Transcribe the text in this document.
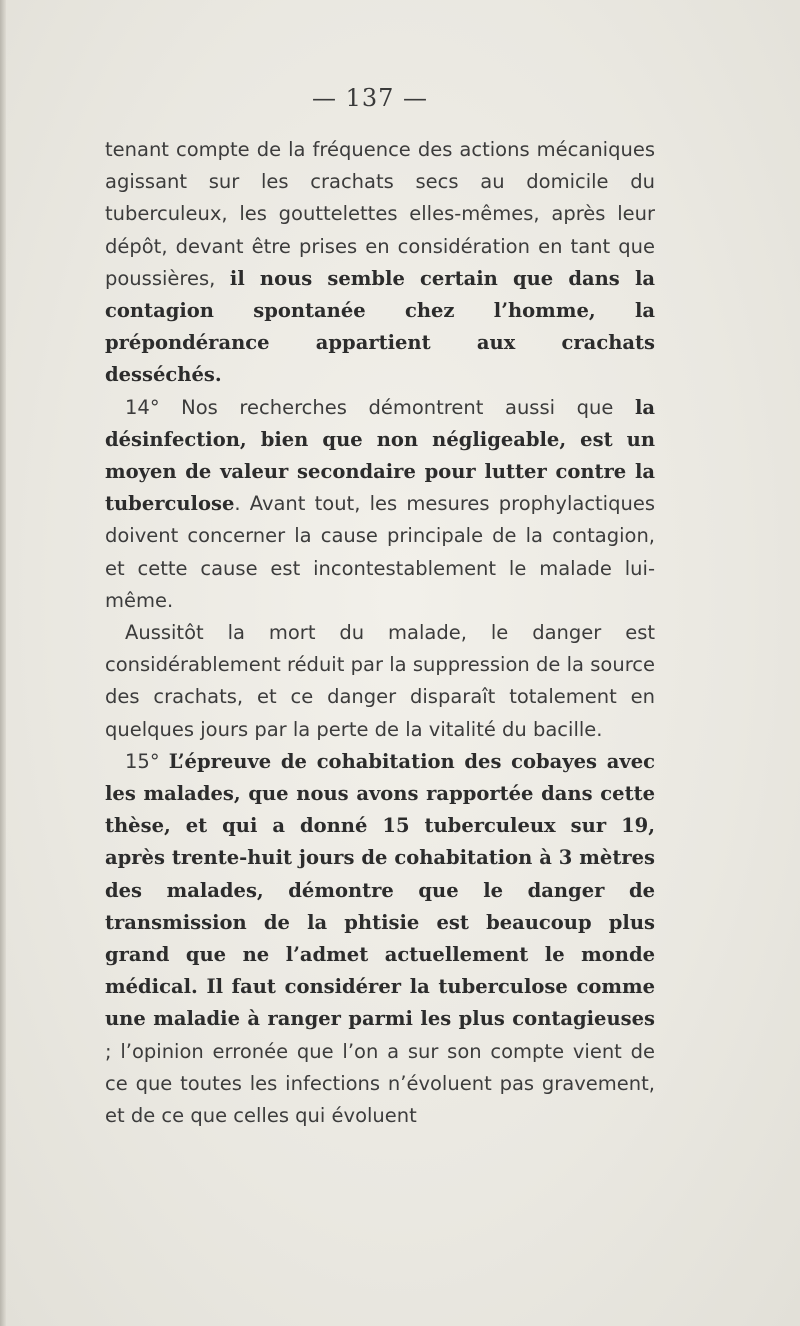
— 137 —

tenant compte de la fréquence des actions mécaniques agissant sur les crachats secs au domicile du tuberculeux, les gouttelettes elles-mêmes, après leur dépôt, devant être prises en considération en tant que poussières, il nous semble certain que dans la contagion spontanée chez l’homme, la prépondérance appartient aux crachats desséchés.

14° Nos recherches démontrent aussi que la désinfection, bien que non négligeable, est un moyen de valeur secondaire pour lutter contre la tuberculose. Avant tout, les mesures prophylactiques doivent concerner la cause principale de la contagion, et cette cause est incontestablement le malade lui-même.

Aussitôt la mort du malade, le danger est considérablement réduit par la suppression de la source des crachats, et ce danger disparaît totalement en quelques jours par la perte de la vitalité du bacille.

15° L’épreuve de cohabitation des cobayes avec les malades, que nous avons rapportée dans cette thèse, et qui a donné 15 tuberculeux sur 19, après trente-huit jours de cohabitation à 3 mètres des malades, démontre que le danger de transmission de la phtisie est beaucoup plus grand que ne l’admet actuellement le monde médical. Il faut considérer la tuberculose comme une maladie à ranger parmi les plus contagieuses ; l’opinion erronée que l’on a sur son compte vient de ce que toutes les infections n’évoluent pas gravement, et de ce que celles qui évoluent
